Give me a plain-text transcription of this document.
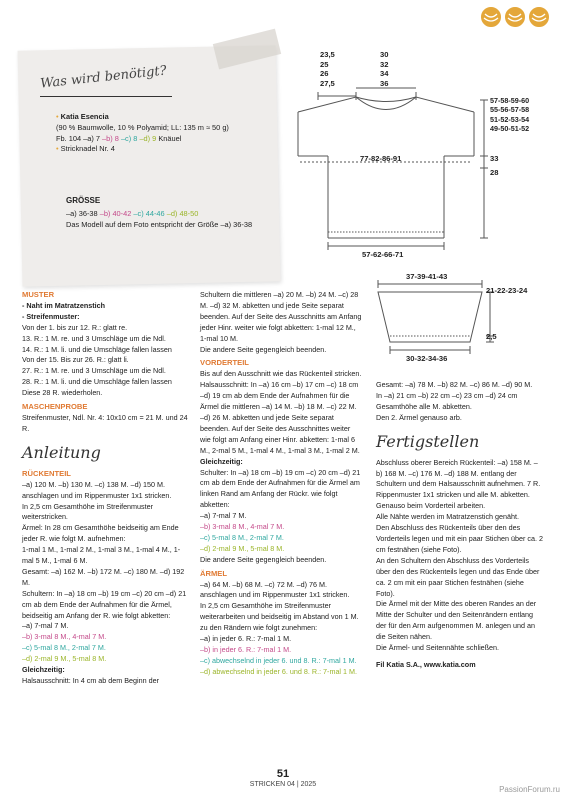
Was wird benötigt?

• Katia Esencia

(90 % Baumwolle, 10 % Polyamid; LL: 135 m ≈ 50 g)

Fb. 104 –a) 7 –b) 8 –c) 8 –d) 9 Knäuel

• Stricknadel Nr. 4

GRÖSSE

–a) 36-38 –b) 40-42 –c) 44-46 –d) 48-50

Das Modell auf dem Foto entspricht der Größe –a) 36-38

23,5

25

26

27,5

30

32

34

36

57-58-59-60

55-56-57-58

51-52-53-54

49-50-51-52

33
28
77-82-86-91
57-62-66-71
37-39-41-43
21-22-23-24
2,5
30-32-34-36

MUSTER

- Naht im Matratzenstich

- Streifenmuster:

Von der 1. bis zur 12. R.: glatt re.

13. R.: 1 M. re. und 3 Umschläge um die Ndl.

14. R.: 1 M. li. und die Umschläge fallen lassen

Von der 15. Bis zur 26. R.: glatt li.

27. R.: 1 M. re. und 3 Umschläge um die Ndl.

28. R.: 1 M. li. und die Umschläge fallen lassen

Diese 28 R. wiederholen.

MASCHENPROBE

Streifenmuster, Ndl. Nr. 4: 10x10 cm = 21 M. und 24 R.

Anleitung

RÜCKENTEIL

–a) 120 M. –b) 130 M. –c) 138 M. –d) 150 M. anschlagen und im Rippenmuster 1x1 stricken.

In 2,5 cm Gesamthöhe im Streifenmuster weiterstricken.

Ärmel: In 28 cm Gesamthöhe beidseitig am Ende jeder R. wie folgt M. aufnehmen:

1-mal 1 M., 1-mal 2 M., 1-mal 3 M., 1-mal 4 M., 1-mal 5 M., 1-mal 6 M.

Gesamt: –a) 162 M. –b) 172 M. –c) 180 M. –d) 192 M.

Schultern: In –a) 18 cm –b) 19 cm –c) 20 cm –d) 21 cm ab dem Ende der Aufnahmen für die Ärmel, beidseitig am Anfang der R. wie folgt abketten:

–a) 7-mal 7 M.

–b) 3-mal 8 M., 4-mal 7 M.

–c) 5-mal 8 M., 2-mal 7 M.

–d) 2-mal 9 M., 5-mal 8 M.

Gleichzeitig:

Halsausschnitt: In 4 cm ab dem Beginn der

Schultern die mittleren –a) 20 M. –b) 24 M. –c) 28 M. –d) 32 M. abketten und jede Seite separat beenden. Auf der Seite des Ausschnitts am Anfang jeder Hinr. weiter wie folgt abketten: 1-mal 12 M., 1-mal 10 M.

Die andere Seite gegengleich beenden.

VORDERTEIL

Bis auf den Ausschnitt wie das Rückenteil stricken.

Halsausschnitt: In –a) 16 cm –b) 17 cm –c) 18 cm –d) 19 cm ab dem Ende der Aufnahmen für die Ärmel die mittleren –a) 14 M. –b) 18 M. –c) 22 M. –d) 26 M. abketten und jede Seite separat beenden. Auf der Seite des Ausschnittes weiter wie folgt am Anfang einer Hinr. abketten: 1-mal 6 M., 2-mal 5 M., 1-mal 4 M., 1-mal 3 M., 1-mal 2 M.

Gleichzeitig:

Schulter: In –a) 18 cm –b) 19 cm –c) 20 cm –d) 21 cm ab dem Ende der Aufnahmen für die Ärmel am linken Rand am Anfang der Rückr. wie folgt abketten:

–a) 7-mal 7 M.

–b) 3-mal 8 M., 4-mal 7 M.

–c) 5-mal 8 M., 2-mal 7 M.

–d) 2-mal 9 M., 5-mal 8 M.

Die andere Seite gegengleich beenden.

ÄRMEL

–a) 64 M. –b) 68 M. –c) 72 M. –d) 76 M. anschlagen und im Rippenmuster 1x1 stricken.

In 2,5 cm Gesamthöhe im Streifenmuster weiterarbeiten und beidseitig im Abstand von 1 M. zu den Rändern wie folgt zunehmen:

–a) in jeder 6. R.: 7-mal 1 M.

–b) in jeder 6. R.: 7-mal 1 M.

–c) abwechselnd in jeder 6. und 8. R.: 7-mal 1 M.

–d) abwechselnd in jeder 6. und 8. R.: 7-mal 1 M.

Gesamt: –a) 78 M. –b) 82 M. –c) 86 M. –d) 90 M.

In –a) 21 cm –b) 22 cm –c) 23 cm –d) 24 cm Gesamthöhe alle M. abketten.

Den 2. Ärmel genauso arb.

Fertigstellen

Abschluss oberer Bereich Rückenteil: –a) 158 M. –b) 168 M. –c) 176 M. –d) 188 M. entlang der Schultern und dem Halsausschnitt aufnehmen. 7 R. Rippenmuster 1x1 stricken und alle M. abketten.

Genauso beim Vorderteil arbeiten.

Alle Nähte werden im Matratzenstich genäht.

Den Abschluss des Rückenteils über den des Vorderteils legen und mit ein paar Stichen über ca. 2 cm festnähen (siehe Foto).

An den Schultern den Abschluss des Vorderteils über den des Rückenteils legen und das Ende über ca. 2 cm mit ein paar Stichen festnähen (siehe Foto).

Die Ärmel mit der Mitte des oberen Randes an der Mitte der Schulter und den Seitenrändern entlang der für den Arm aufgenommen M. anlegen und an die Seiten nähen.

Die Ärmel- und Seitennähte schließen.

Fil Katia S.A., www.katia.com

51
STRICKEN 04 | 2025
PassionForum.ru
